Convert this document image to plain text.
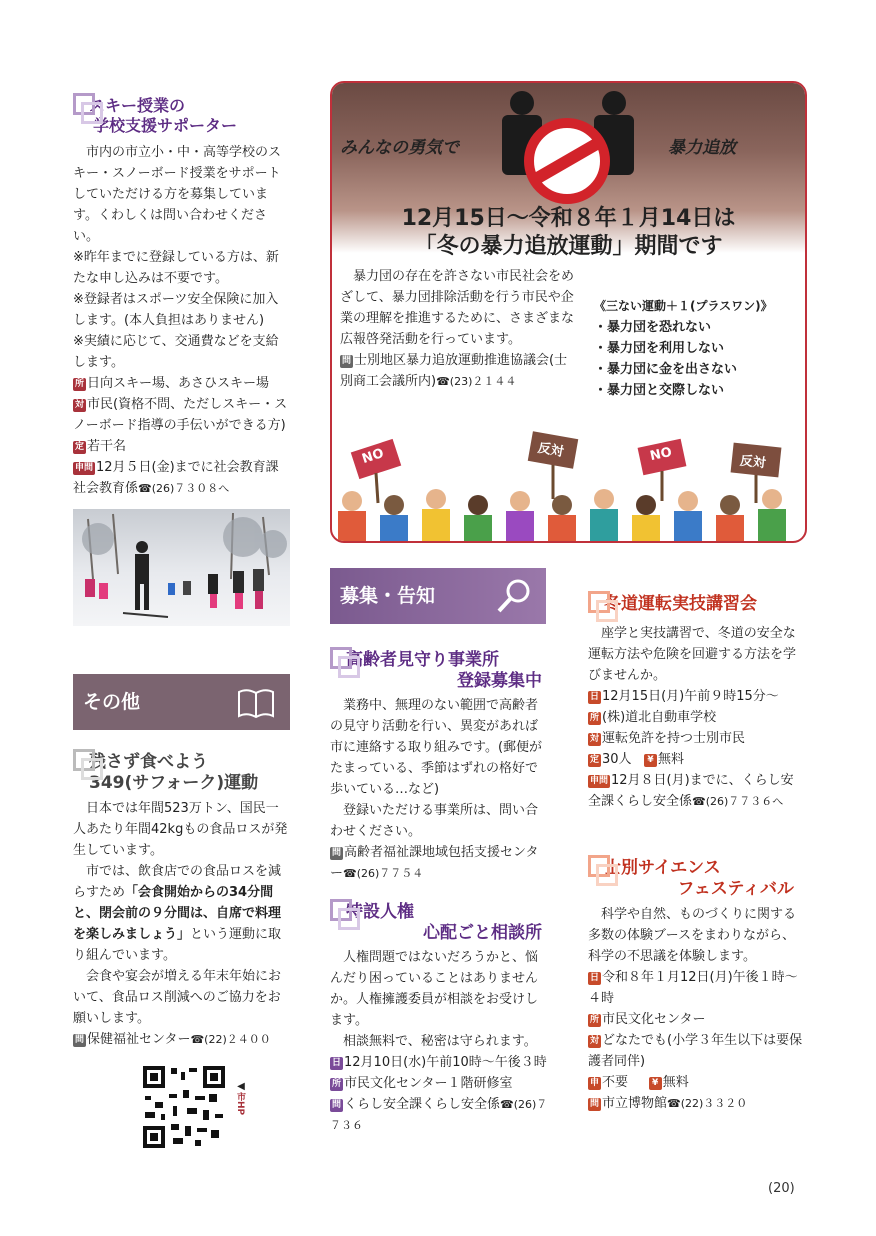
スキー授業の
学校支援サポーター

市内の市立小・中・高等学校のスキー・スノーボード授業をサポートしていただける方を募集しています。くわしくは問い合わせください。

※昨年までに登録している方は、新たな申し込みは不要です。

※登録者はスポーツ安全保険に加入します。(本人負担はありません)

※実績に応じて、交通費などを支給します。

所 日向スキー場、あさひスキー場

対 市民(資格不問、ただしスキー・スノーボード指導の手伝いができる方)

定 若干名

申問 12月５日(金)までに社会教育課社会教育係☎(26)７３０８へ

その他
残さず食べよう
349(サフォーク)運動

日本では年間523万トン、国民一人あたり年間42kgもの食品ロスが発生しています。

市では、飲食店での食品ロスを減らすため「会食開始からの34分間と、閉会前の９分間は、自席で料理を楽しみましょう」という運動に取り組んでいます。

会食や宴会が増える年末年始において、食品ロス削減へのご協力をお願いします。

問 保健福祉センター☎(22)２４００

◀
市HP
みんなの勇気で	暴力追放
12月15日〜令和８年１月14日は
「冬の暴力追放運動」期間です

暴力団の存在を許さない市民社会をめざして、暴力団排除活動を行う市民や企業の理解を推進するために、さまざまな広報啓発活動を行っています。

問 士別地区暴力追放運動推進協議会(士別商工会議所内)☎(23)２１４４

《三ない運動＋１(プラスワン)》
・暴力団を恐れない
・暴力団を利用しない
・暴力団に金を出さない
・暴力団と交際しない
NO	反対	NO	反対
募集・告知
高齢者見守り事業所
登録募集中

業務中、無理のない範囲で高齢者の見守り活動を行い、異変があれば市に連絡する取り組みです。(郵便がたまっている、季節はずれの格好で歩いている…など)

登録いただける事業所は、問い合わせください。

問 高齢者福祉課地域包括支援センター☎(26)７７５４

特設人権
心配ごと相談所

人権問題ではないだろうかと、悩んだり困っていることはありませんか。人権擁護委員が相談をお受けします。

相談無料で、秘密は守られます。

日 12月10日(水)午前10時〜午後３時

所 市民文化センター１階研修室

問 くらし安全課くらし安全係☎(26)７７３６

冬道運転実技講習会

座学と実技講習で、冬道の安全な運転方法や危険を回避する方法を学びませんか。

日 12月15日(月)午前９時15分〜

所 (株)道北自動車学校

対 運転免許を持つ士別市民

定 30人 ¥ 無料

申問 12月８日(月)までに、くらし安全課くらし安全係☎(26)７７３６へ

士別サイエンス
フェスティバル

科学や自然、ものづくりに関する多数の体験ブースをまわりながら、科学の不思議を体験します。

日 令和８年１月12日(月)午後１時〜４時

所 市民文化センター

対 どなたでも(小学３年生以下は要保護者同伴)

申 不要	¥ 無料

問 市立博物館☎(22)３３２０

(20)
